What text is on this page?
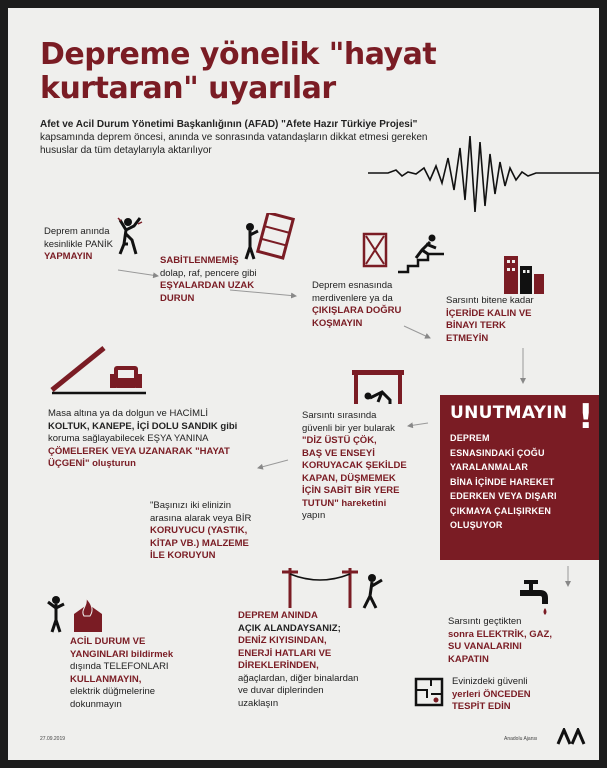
Depreme yönelik "hayat
kurtaran" uyarılar
Afet ve Acil Durum Yönetimi Başkanlığının (AFAD) "Afete Hazır Türkiye Projesi" kapsamında deprem öncesi, anında ve sonrasında vatandaşların dikkat etmesi gereken hususlar da tüm detaylarıyla aktarılıyor
Deprem anında
kesinlikle PANİK
YAPMAYIN	SABİTLENMEMİŞ
dolap, raf, pencere gibi
EŞYALARDAN UZAK
DURUN
Deprem esnasında
merdivenlere ya da
ÇIKIŞLARA DOĞRU
KOŞMAYIN
Sarsıntı bitene kadar
İÇERİDE KALIN VE
BİNAYI TERK
ETMEYİN
Masa altına ya da dolgun ve HACİMLİ
KOLTUK, KANEPE, İÇİ DOLU SANDIK gibi
koruma sağlayabilecek EŞYA YANINA
ÇÖMELEREK VEYA UZANARAK "HAYAT
ÜÇGENİ" oluşturun
Sarsıntı sırasında
güvenli bir yer bularak
"DİZ ÜSTÜ ÇÖK,
BAŞ VE ENSEYİ
KORUYACAK ŞEKİLDE
KAPAN, DÜŞMEMEK
İÇİN SABİT BİR YERE
TUTUN" hareketini
yapın
"Başınızı iki elinizin
arasına alarak veya BİR
KORUYUCU (YASTIK,
KİTAP VB.) MALZEME
İLE KORUYUN
ACİL DURUM VE
YANGINLARI bildirmek
dışında TELEFONLARI
KULLANMAYIN,
elektrik düğmelerine
dokunmayın
DEPREM ANINDA
AÇIK ALANDAYSANIZ;
DENİZ KIYISINDAN,
ENERJİ HATLARI VE
DİREKLERİNDEN,
ağaçlardan, diğer binalardan
ve duvar diplerinden
uzaklaşın
Sarsıntı geçtikten
sonra ELEKTRİK, GAZ,
SU VANALARINI
KAPATIN
Evinizdeki güvenli
yerleri ÖNCEDEN
TESPİT EDİN
UNUTMAYIN !
DEPREM
ESNASINDAKİ ÇOĞU
YARALANMALAR
BİNA İÇİNDE HAREKET
EDERKEN VEYA DIŞARI
ÇIKMAYA ÇALIŞIRKEN
OLUŞUYOR
27.09.2019	Anadolu Ajansı
